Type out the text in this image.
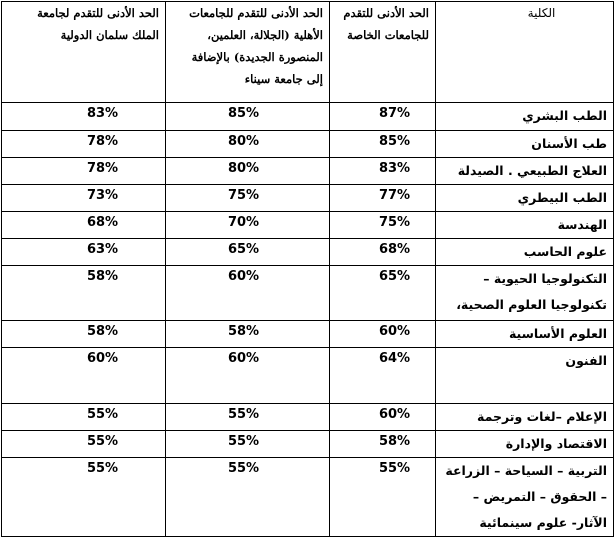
الكلية	الحد الأدنى للتقدم للجامعات الخاصة	الحد الأدنى للتقدم للجامعات الأهلية (الجلالة، العلمين، المنصورة الجديدة) بالإضافة إلى جامعة سيناء	الحد الأدنى للتقدم لجامعة الملك سلمان الدولية
الطب البشري	87%	85%	83%
طب الأسنان	85%	80%	78%
العلاج الطبيعي . الصيدلة	83%	80%	78%
الطب البيطري	77%	75%	73%
الهندسة	75%	70%	68%
علوم الحاسب	68%	65%	63%
التكنولوجيا الحيوية – تكنولوجيا العلوم الصحية،	65%	60%	58%
العلوم الأساسية	60%	58%	58%
الفنون	64%	60%	60%
الإعلام –لغات وترجمة	60%	55%	55%
الاقتصاد والإدارة	58%	55%	55%
التربية – السياحة – الزراعة – الحقوق – التمريض –الآثار- علوم سينمائية	55%	55%	55%
